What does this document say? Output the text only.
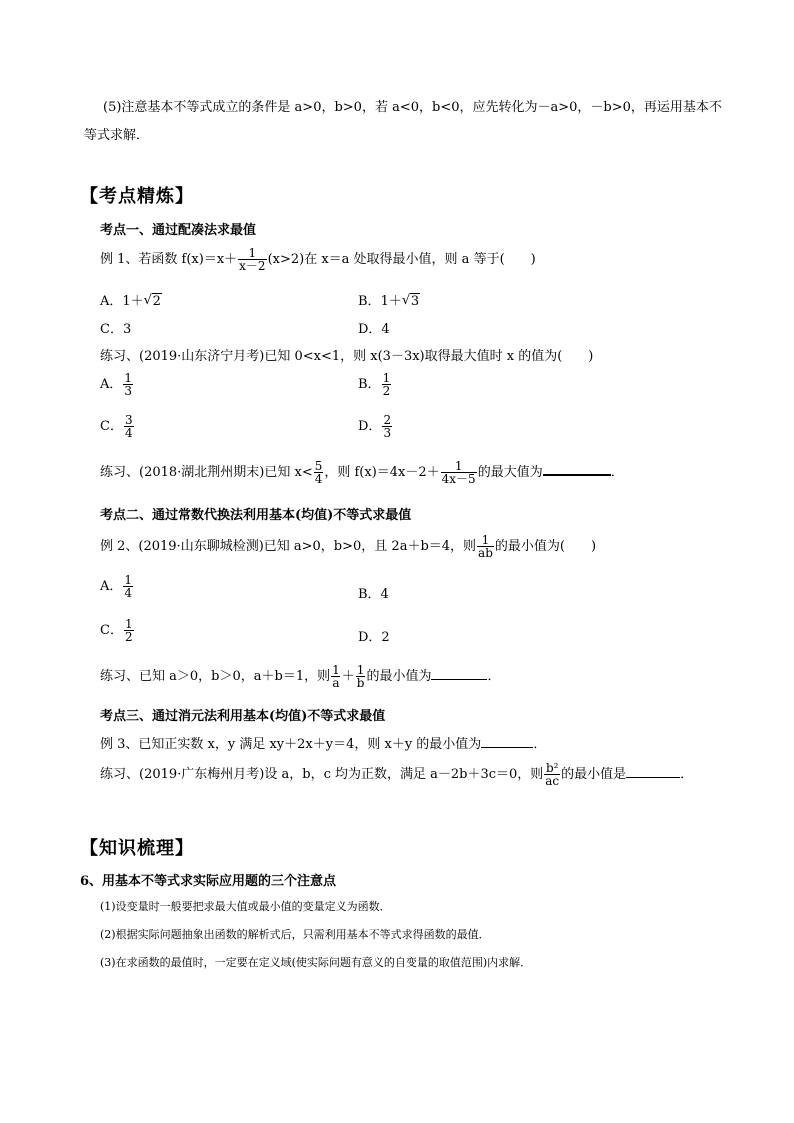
(5)注意基本不等式成立的条件是 a>0，b>0，若 a<0，b<0，应先转化为－a>0，－b>0，再运用基本不
等式求解．
【考点精炼】
考点一、通过配凑法求最值
例 1、若函数 $f(x)=x+ \frac{1}{x-2} (x>2)$在 x＝a 处取得最小值，则 a 等于(　　)
A．1＋ √ 2	B．1＋ √ 3
C．3	D．4
练习、(2019·山东济宁月考)已知 0<x<1，则 x(3－3x)取得最大值时 x 的值为(　　)
A． $\frac{1}{3}$	B． $\frac{1}{2}$
C． $\frac{3}{4}$	D． $\frac{2}{3}$
练习、(2018·湖北荆州期末)已知 $x< \frac{5}{4}$ ，则 $f(x)=4x-2+ \frac{1}{4x-5}$ 的最大值为	．
考点二、通过常数代换法利用基本(均值)不等式求最值
例 2、(2019·山东聊城检测)已知 a>0，b>0，且 2a＋b＝4，则 $\frac{1}{ab}$ 的最小值为(　　)
A． $\frac{1}{4}$	B．4
C． $\frac{1}{2}$	D．2
练习、已知 a＞0，b＞0，a＋b＝1，则 $\frac{1}{a} + \frac{1}{b}$ 的最小值为	．
考点三、通过消元法利用基本(均值)不等式求最值
例 3、已知正实数 x，y 满足 xy＋2x＋y＝4，则 x＋y 的最小值为	．
练习、(2019·广东梅州月考)设 a，b，c 均为正数，满足 a－2b＋3c＝0，则 $\frac{\text{b²}}{ac}$ 的最小值是	．
【知识梳理】
6、用基本不等式求实际应用题的三个注意点
(1)设变量时一般要把求最大值或最小值的变量定义为函数．
(2)根据实际问题抽象出函数的解析式后，只需利用基本不等式求得函数的最值．
(3)在求函数的最值时，一定要在定义域(使实际问题有意义的自变量的取值范围)内求解．
